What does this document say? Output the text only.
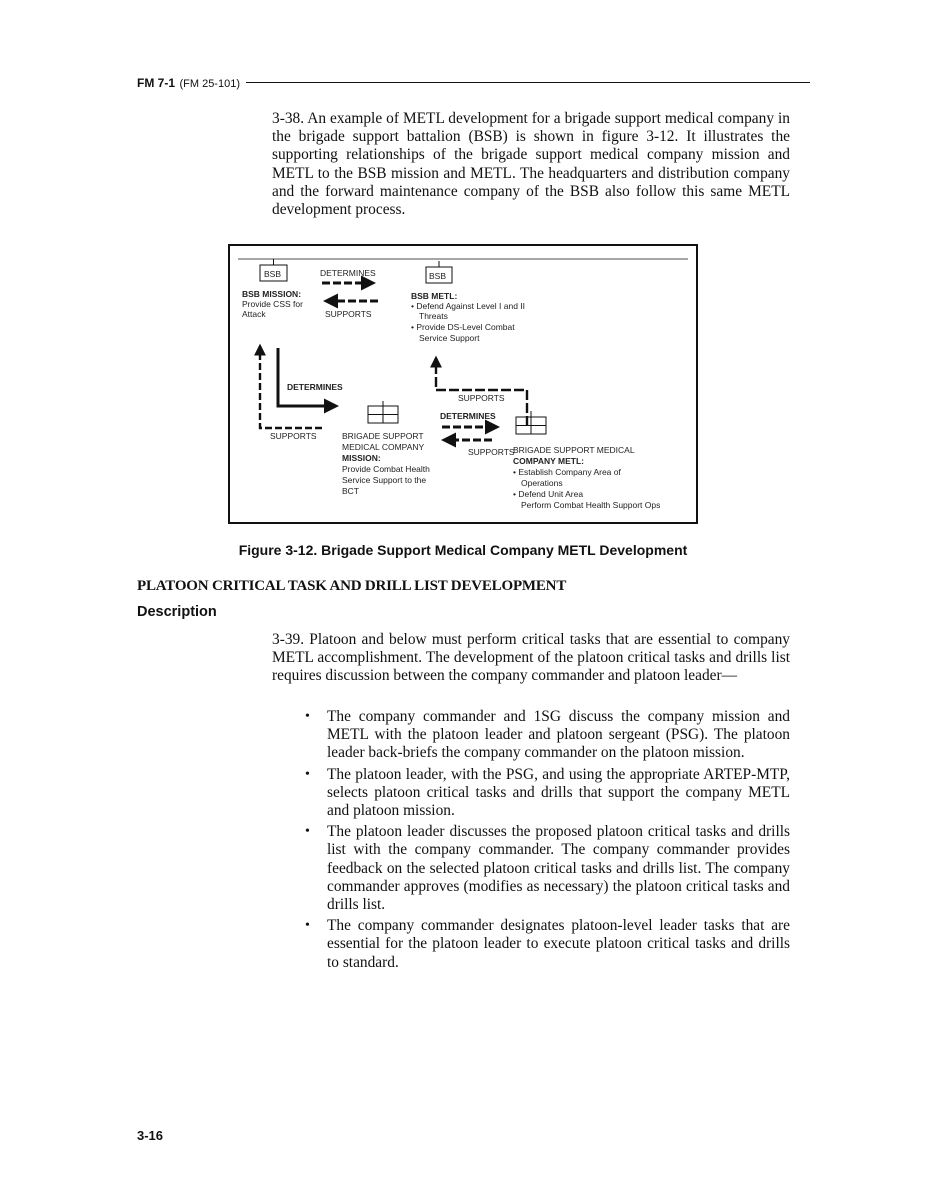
FM 7-1 (FM 25-101)
3-38. An example of METL development for a brigade support medical company in the brigade support battalion (BSB) is shown in figure 3-12. It illustrates the supporting relationships of the brigade support medical company mission and METL to the BSB mission and METL. The headquarters and distribution company and the forward maintenance company of the BSB also follow this same METL development process.
BSB	BSB
DETERMINES
SUPPORTS
BSB MISSION:
Provide CSS for
Attack
BSB METL:
• Defend Against Level I and II
Threats
• Provide DS-Level Combat
Service Support
DETERMINES
SUPPORTS
SUPPORTS
DETERMINES
SUPPORTS
BRIGADE SUPPORT
MEDICAL COMPANY
MISSION:
Provide Combat Health
Service Support to the
BCT
BRIGADE SUPPORT MEDICAL
COMPANY METL:
• Establish Company Area of
Operations
• Defend Unit Area
Perform Combat Health Support Ops
Figure 3-12. Brigade Support Medical Company METL Development
PLATOON CRITICAL TASK AND DRILL LIST DEVELOPMENT
Description
3-39. Platoon and below must perform critical tasks that are essential to company METL accomplishment. The development of the platoon critical tasks and drills list requires discussion between the company commander and platoon leader—
• The company commander and 1SG discuss the company mission and METL with the platoon leader and platoon sergeant (PSG). The platoon leader back-briefs the company commander on the platoon mission.
• The platoon leader, with the PSG, and using the appropriate ARTEP-MTP, selects platoon critical tasks and drills that support the company METL and platoon mission.
• The platoon leader discusses the proposed platoon critical tasks and drills list with the company commander. The company commander provides feedback on the selected platoon critical tasks and drills list. The company commander approves (modifies as necessary) the platoon critical tasks and drills list.
• The company commander designates platoon-level leader tasks that are essential for the platoon leader to execute platoon critical tasks and drills to standard.
3-16
